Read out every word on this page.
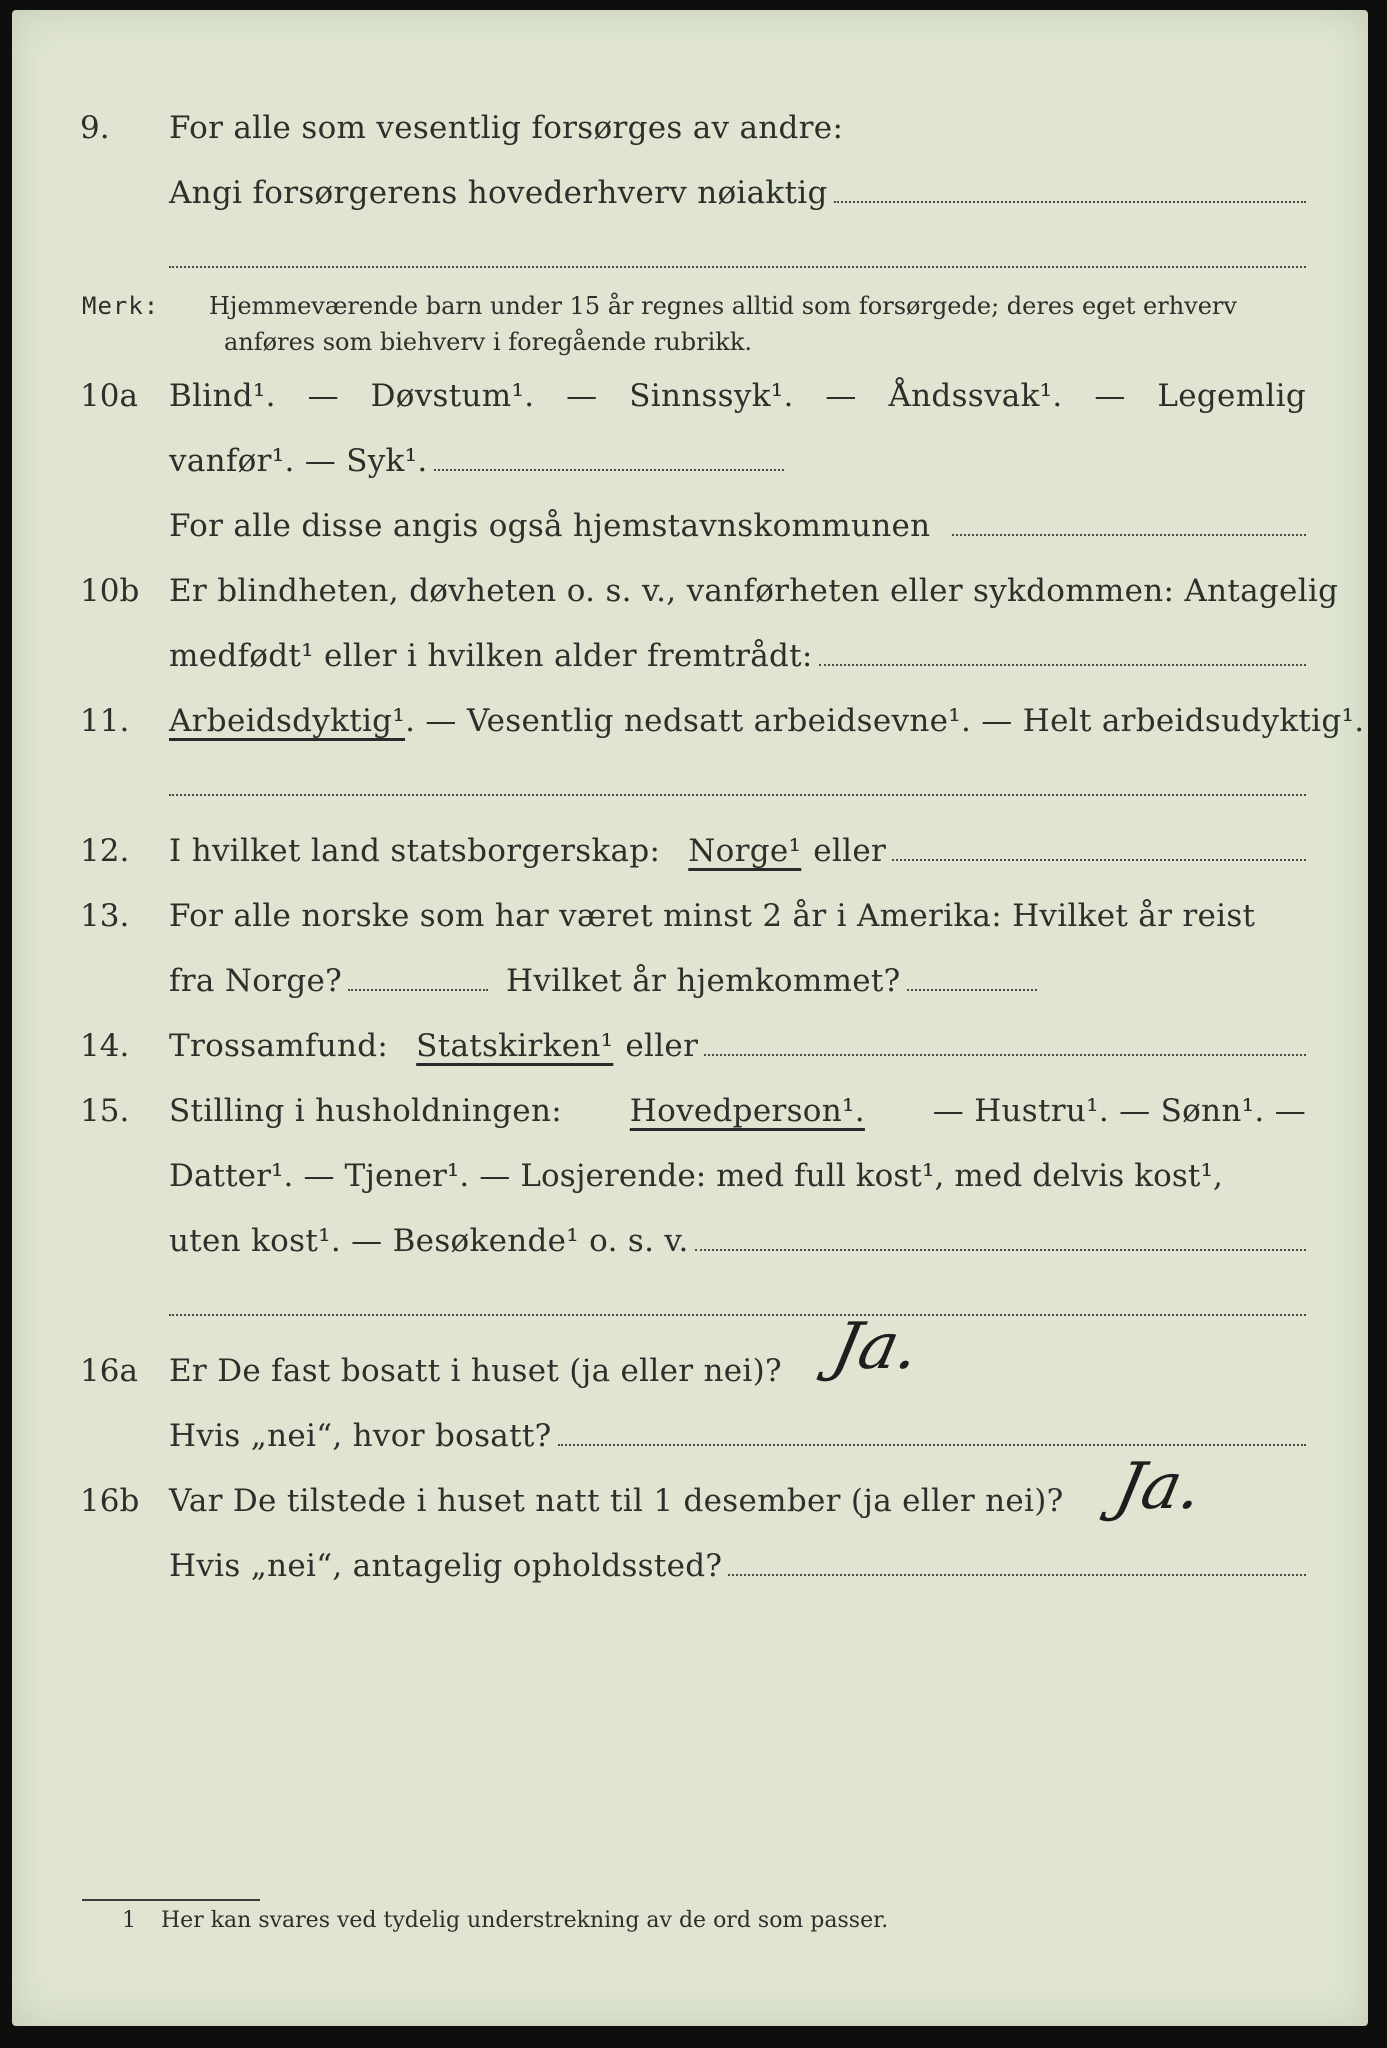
9. For alle som vesentlig forsørges av andre:
Angi forsørgerens hovederhverv nøiaktig
Merk: Hjemmeværende barn under 15 år regnes alltid som forsørgede; deres eget erhverv
anføres som biehverv i foregående rubrikk.
10a Blind¹. — Døvstum¹. — Sinnssyk¹. — Åndssvak¹. — Legemlig
vanfør¹. — Syk¹.
For alle disse angis også hjemstavnskommunen
10b Er blindheten, døvheten o. s. v., vanførheten eller sykdommen: Antagelig
medfødt¹ eller i hvilken alder fremtrådt:
11. Arbeidsdyktig¹ . — Vesentlig nedsatt arbeidsevne¹. — Helt arbeidsudyktig¹.
12. I hvilket land statsborgerskap: Norge¹ eller
13. For alle norske som har været minst 2 år i Amerika: Hvilket år reist
fra Norge?	Hvilket år hjemkommet?
14. Trossamfund: Statskirken¹ eller
15. Stilling i husholdningen: Hovedperson¹. — Hustru¹. — Sønn¹. —
Datter¹. — Tjener¹. — Losjerende: med full kost¹, med delvis kost¹,
uten kost¹. — Besøkende¹ o. s. v.
16a Er De fast bosatt i huset (ja eller nei)? Ja.
Hvis „nei“, hvor bosatt?
16b Var De tilstede i huset natt til 1 desember (ja eller nei)? Ja.
Hvis „nei“, antagelig opholdssted?
1 Her kan svares ved tydelig understrekning av de ord som passer.
